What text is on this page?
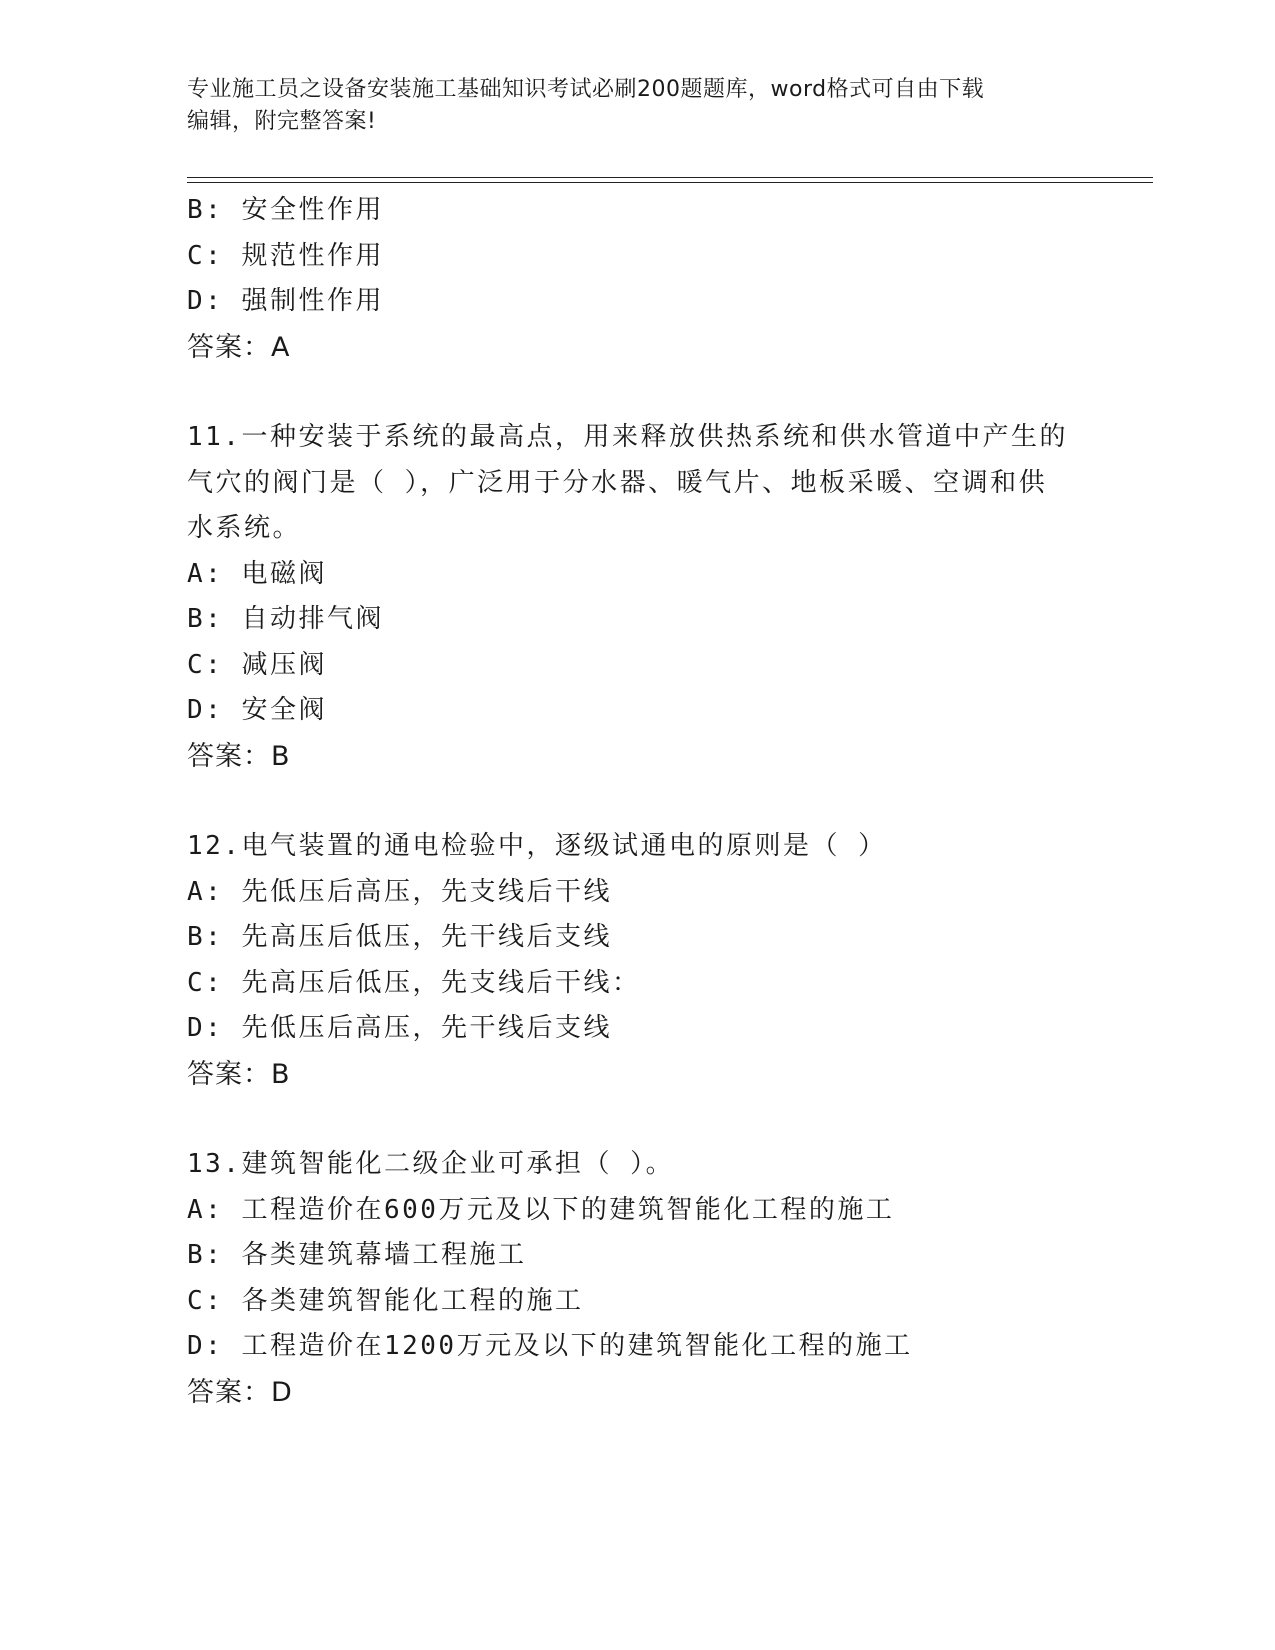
专业施工员之设备安装施工基础知识考试必刷200题题库，word格式可自由下载
编辑，附完整答案!
B: 安全性作用
C: 规范性作用
D: 强制性作用
答案：A
11.一种安装于系统的最高点，用来释放供热系统和供水管道中产生的
气穴的阀门是（ ），广泛用于分水器、暖气片、地板采暖、空调和供
水系统。
A: 电磁阀
B: 自动排气阀
C: 减压阀
D: 安全阀
答案：B
12.电气装置的通电检验中，逐级试通电的原则是（ ）
A: 先低压后高压，先支线后干线
B: 先高压后低压，先干线后支线
C: 先高压后低压，先支线后干线：
D: 先低压后高压，先干线后支线
答案：B
13.建筑智能化二级企业可承担（ ）。
A: 工程造价在600万元及以下的建筑智能化工程的施工
B: 各类建筑幕墙工程施工
C: 各类建筑智能化工程的施工
D: 工程造价在1200万元及以下的建筑智能化工程的施工
答案：D
